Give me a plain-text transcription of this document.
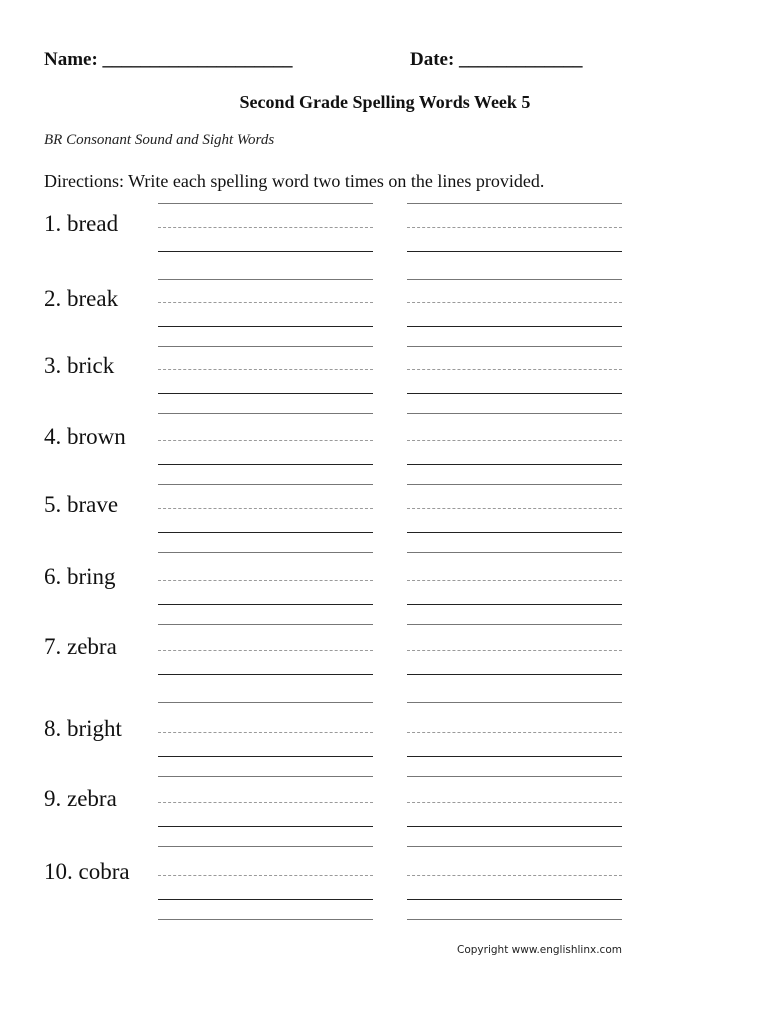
Name: ____________________	Date: _____________
Second Grade Spelling Words Week 5
BR Consonant Sound and Sight Words
Directions: Write each spelling word two times on the lines provided.
1. bread
2. break
3. brick
4. brown
5. brave
6. bring
7. zebra
8. bright
9. zebra
10. cobra
Copyright www.englishlinx.com
